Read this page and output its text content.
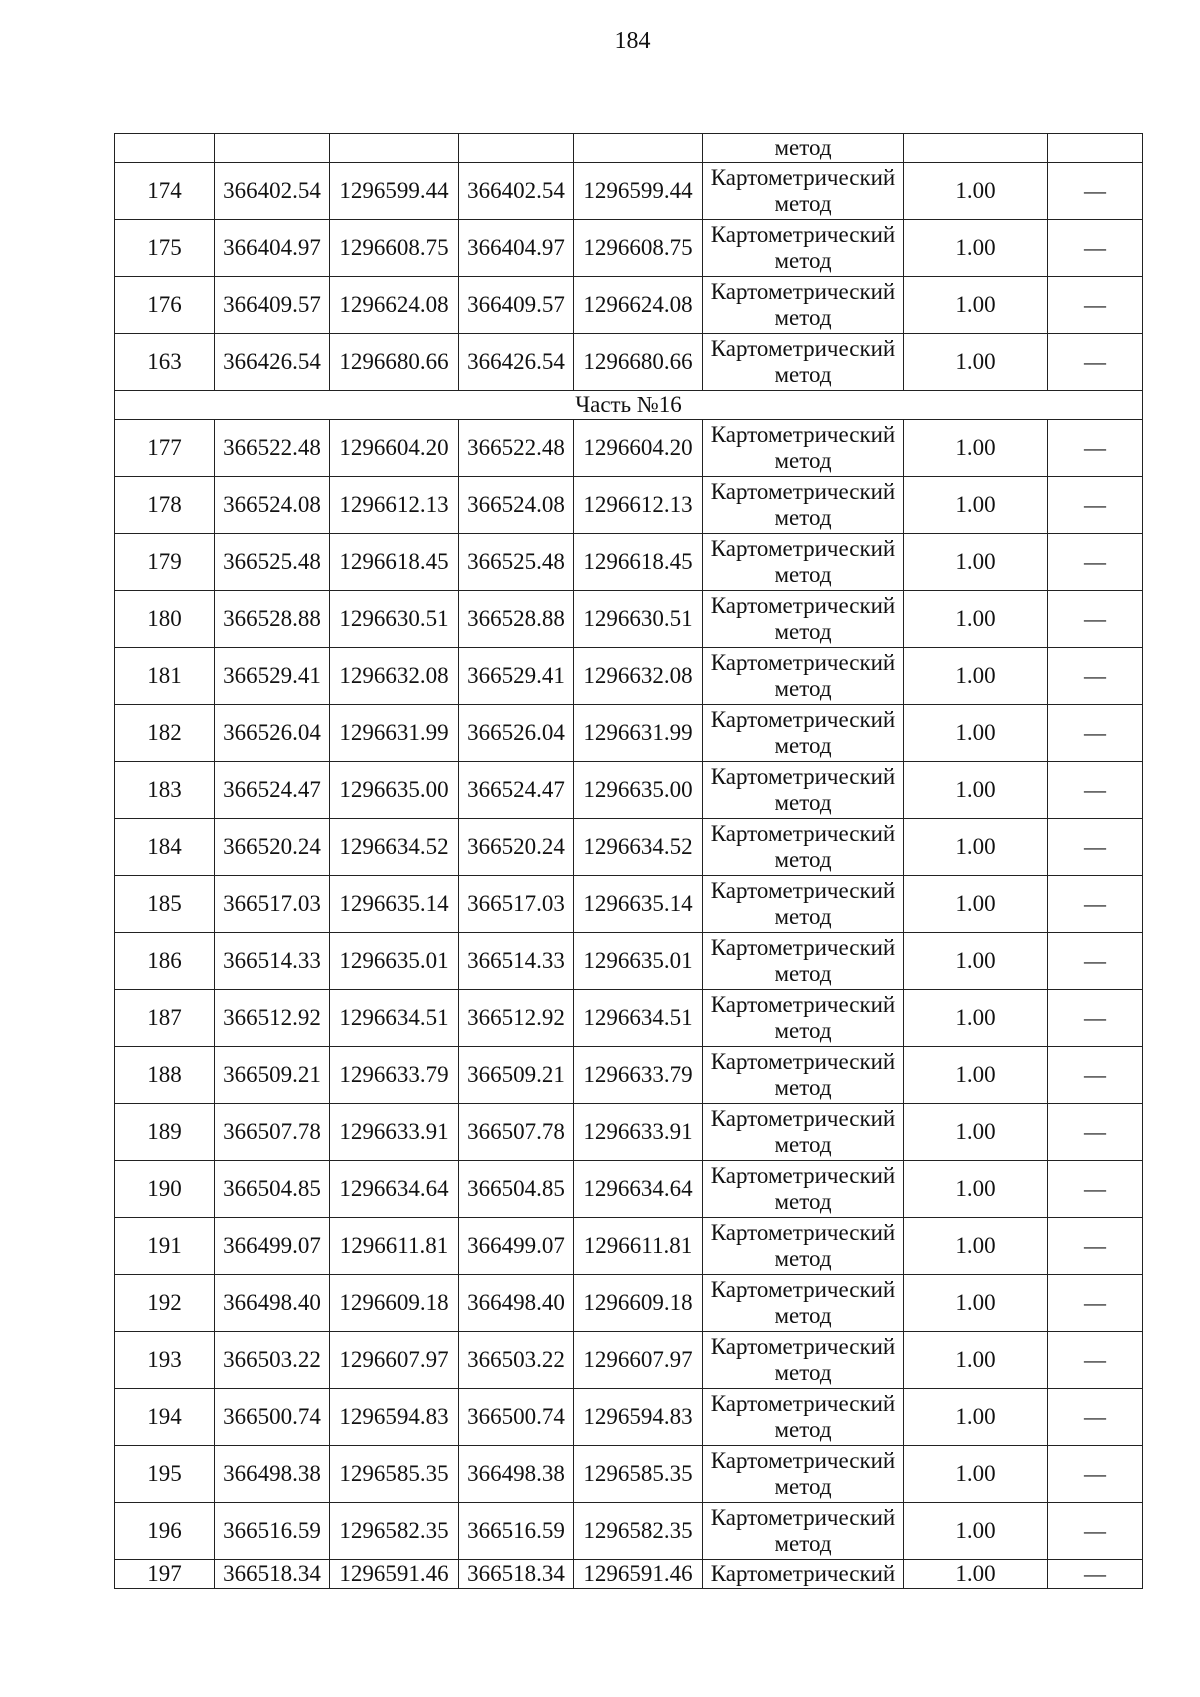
184
					метод		
174	366402.54	1296599.44	366402.54	1296599.44	Картометрический
метод	1.00	—
175	366404.97	1296608.75	366404.97	1296608.75	Картометрический
метод	1.00	—
176	366409.57	1296624.08	366409.57	1296624.08	Картометрический
метод	1.00	—
163	366426.54	1296680.66	366426.54	1296680.66	Картометрический
метод	1.00	—
Часть №16							
177	366522.48	1296604.20	366522.48	1296604.20	Картометрический
метод	1.00	—
178	366524.08	1296612.13	366524.08	1296612.13	Картометрический
метод	1.00	—
179	366525.48	1296618.45	366525.48	1296618.45	Картометрический
метод	1.00	—
180	366528.88	1296630.51	366528.88	1296630.51	Картометрический
метод	1.00	—
181	366529.41	1296632.08	366529.41	1296632.08	Картометрический
метод	1.00	—
182	366526.04	1296631.99	366526.04	1296631.99	Картометрический
метод	1.00	—
183	366524.47	1296635.00	366524.47	1296635.00	Картометрический
метод	1.00	—
184	366520.24	1296634.52	366520.24	1296634.52	Картометрический
метод	1.00	—
185	366517.03	1296635.14	366517.03	1296635.14	Картометрический
метод	1.00	—
186	366514.33	1296635.01	366514.33	1296635.01	Картометрический
метод	1.00	—
187	366512.92	1296634.51	366512.92	1296634.51	Картометрический
метод	1.00	—
188	366509.21	1296633.79	366509.21	1296633.79	Картометрический
метод	1.00	—
189	366507.78	1296633.91	366507.78	1296633.91	Картометрический
метод	1.00	—
190	366504.85	1296634.64	366504.85	1296634.64	Картометрический
метод	1.00	—
191	366499.07	1296611.81	366499.07	1296611.81	Картометрический
метод	1.00	—
192	366498.40	1296609.18	366498.40	1296609.18	Картометрический
метод	1.00	—
193	366503.22	1296607.97	366503.22	1296607.97	Картометрический
метод	1.00	—
194	366500.74	1296594.83	366500.74	1296594.83	Картометрический
метод	1.00	—
195	366498.38	1296585.35	366498.38	1296585.35	Картометрический
метод	1.00	—
196	366516.59	1296582.35	366516.59	1296582.35	Картометрический
метод	1.00	—
197	366518.34	1296591.46	366518.34	1296591.46	Картометрический	1.00	—
